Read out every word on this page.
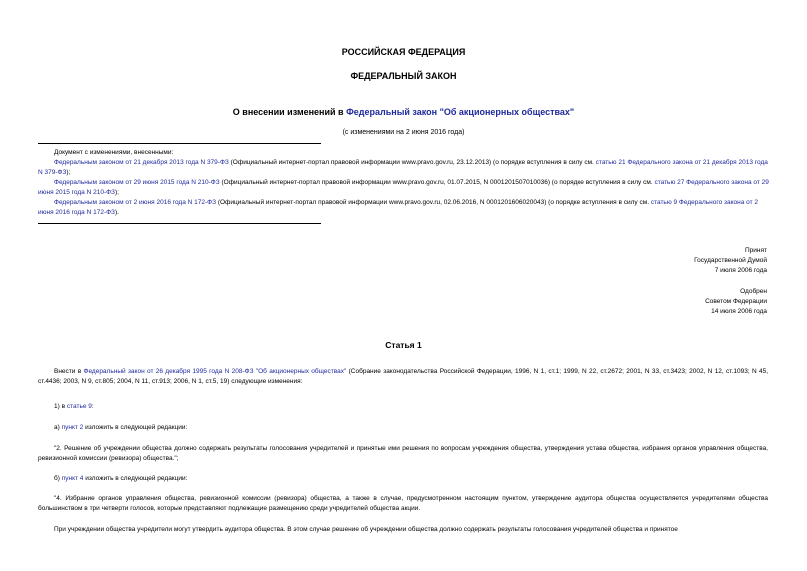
РОССИЙСКАЯ ФЕДЕРАЦИЯ
ФЕДЕРАЛЬНЫЙ ЗАКОН
О внесении изменений в Федеральный закон "Об акционерных обществах"
(с изменениями на 2 июня 2016 года)

Документ с изменениями, внесенными:

Федеральным законом от 21 декабря 2013 года N 379-ФЗ (Официальный интернет-портал правовой информации www.pravo.gov.ru, 23.12.2013) (о порядке вступления в силу см. статью 21 Федерального закона от 21 декабря 2013 года N 379-ФЗ);

Федеральным законом от 29 июня 2015 года N 210-ФЗ (Официальный интернет-портал правовой информации www.pravo.gov.ru, 01.07.2015, N 0001201507010036) (о порядке вступления в силу см. статью 27 Федерального закона от 29 июня 2015 года N 210-ФЗ);

Федеральным законом от 2 июня 2016 года N 172-ФЗ (Официальный интернет-портал правовой информации www.pravo.gov.ru, 02.06.2016, N 0001201606020043) (о порядке вступления в силу см. статью 9 Федерального закона от 2 июня 2016 года N 172-ФЗ).

Принят
Государственной Думой
7 июля 2006 года
Одобрен
Советом Федерации
14 июля 2006 года
Статья 1

Внести в Федеральный закон от 26 декабря 1995 года N 208-ФЗ "Об акционерных обществах" (Собрание законодательства Российской Федерации, 1996, N 1, ст.1; 1999, N 22, ст.2672; 2001, N 33, ст.3423; 2002, N 12, ст.1093; N 45, ст.4436; 2003, N 9, ст.805; 2004, N 11, ст.913; 2006, N 1, ст.5, 19) следующие изменения:

1) в статье 9:

а) пункт 2 изложить в следующей редакции:

"2. Решение об учреждении общества должно содержать результаты голосования учредителей и принятые ими решения по вопросам учреждения общества, утверждения устава общества, избрания органов управления общества, ревизионной комиссии (ревизора) общества.";

б) пункт 4 изложить в следующей редакции:

"4. Избрание органов управления общества, ревизионной комиссии (ревизора) общества, а также в случае, предусмотренном настоящим пунктом, утверждение аудитора общества осуществляется учредителями общества большинством в три четверти голосов, которые представляют подлежащие размещению среди учредителей общества акции.

При учреждении общества учредители могут утвердить аудитора общества. В этом случае решение об учреждении общества должно содержать результаты голосования учредителей общества и принятое
